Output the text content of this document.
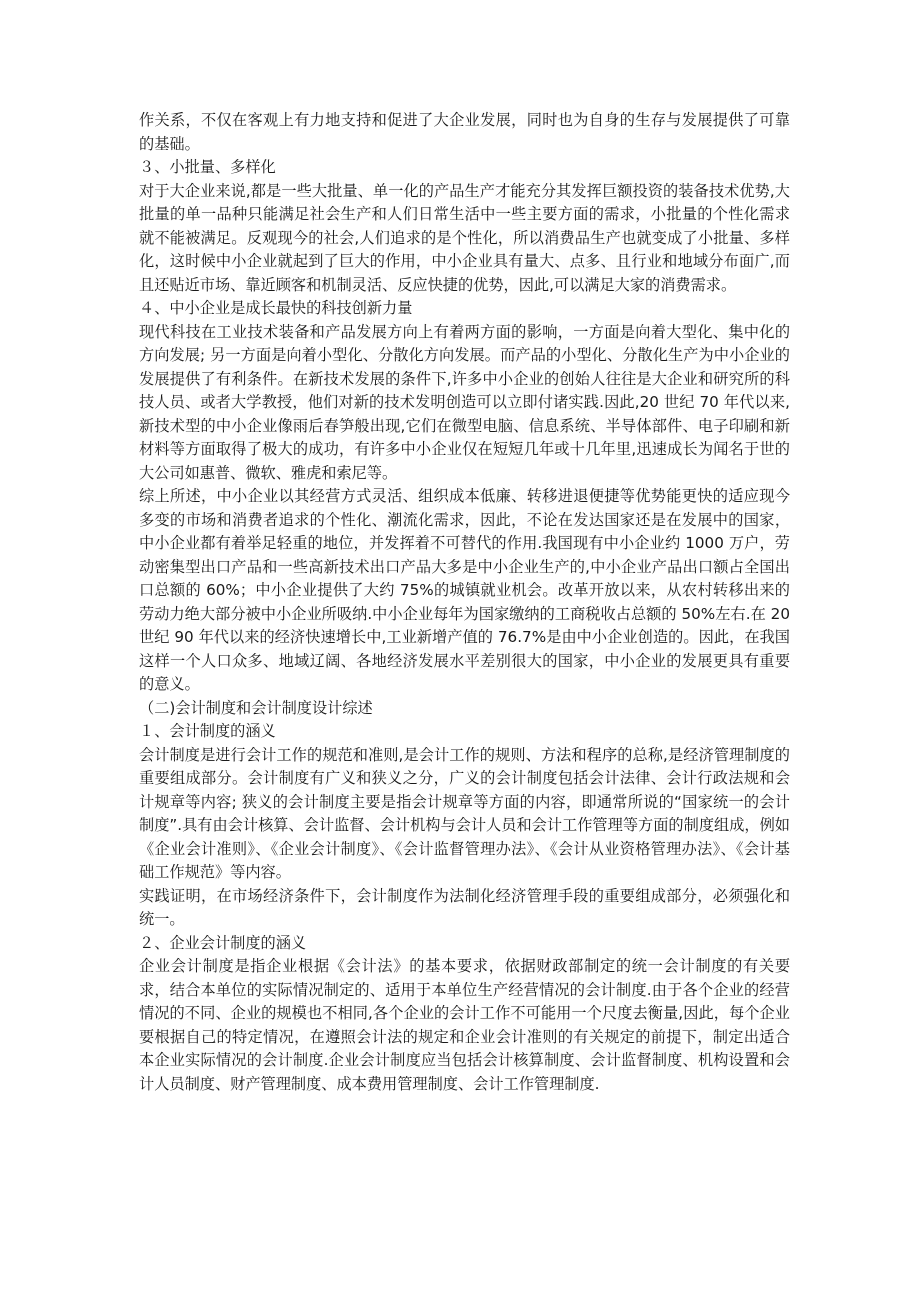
作关系，不仅在客观上有力地支持和促进了大企业发展，同时也为自身的生存与发展提供了可靠的基础。

３、小批量、多样化

对于大企业来说,都是一些大批量、单一化的产品生产才能充分其发挥巨额投资的装备技术优势,大批量的单一品种只能满足社会生产和人们日常生活中一些主要方面的需求，小批量的个性化需求就不能被满足。反观现今的社会,人们追求的是个性化，所以消费品生产也就变成了小批量、多样化，这时候中小企业就起到了巨大的作用，中小企业具有量大、点多、且行业和地域分布面广,而且还贴近市场、靠近顾客和机制灵活、反应快捷的优势，因此,可以满足大家的消费需求。

４、中小企业是成长最快的科技创新力量

现代科技在工业技术装备和产品发展方向上有着两方面的影响，一方面是向着大型化、集中化的方向发展; 另一方面是向着小型化、分散化方向发展。而产品的小型化、分散化生产为中小企业的发展提供了有利条件。在新技术发展的条件下,许多中小企业的创始人往往是大企业和研究所的科技人员、或者大学教授，他们对新的技术发明创造可以立即付诸实践.因此,20 世纪 70 年代以来,新技术型的中小企业像雨后春笋般出现,它们在微型电脑、信息系统、半导体部件、电子印刷和新材料等方面取得了极大的成功，有许多中小企业仅在短短几年或十几年里,迅速成长为闻名于世的大公司如惠普、微软、雅虎和索尼等。

综上所述，中小企业以其经营方式灵活、组织成本低廉、转移进退便捷等优势能更快的适应现今多变的市场和消费者追求的个性化、潮流化需求，因此，不论在发达国家还是在发展中的国家，中小企业都有着举足轻重的地位，并发挥着不可替代的作用.我国现有中小企业约 1000 万户，劳动密集型出口产品和一些高新技术出口产品大多是中小企业生产的,中小企业产品出口额占全国出口总额的 60%；中小企业提供了大约 75%的城镇就业机会。改革开放以来，从农村转移出来的劳动力绝大部分被中小企业所吸纳.中小企业每年为国家缴纳的工商税收占总额的 50%左右.在 20 世纪 90 年代以来的经济快速增长中,工业新增产值的 76.7%是由中小企业创造的。因此，在我国这样一个人口众多、地域辽阔、各地经济发展水平差别很大的国家，中小企业的发展更具有重要的意义。

（二)会计制度和会计制度设计综述

１、会计制度的涵义

会计制度是进行会计工作的规范和准则,是会计工作的规则、方法和程序的总称,是经济管理制度的重要组成部分。会计制度有广义和狭义之分，广义的会计制度包括会计法律、会计行政法规和会计规章等内容; 狭义的会计制度主要是指会计规章等方面的内容，即通常所说的“国家统一的会计制度”.具有由会计核算、会计监督、会计机构与会计人员和会计工作管理等方面的制度组成，例如《企业会计准则》、《企业会计制度》、《会计监督管理办法》、《会计从业资格管理办法》、《会计基础工作规范》等内容。

实践证明，在市场经济条件下，会计制度作为法制化经济管理手段的重要组成部分，必须强化和统一。

２、企业会计制度的涵义

企业会计制度是指企业根据《会计法》的基本要求，依据财政部制定的统一会计制度的有关要求，结合本单位的实际情况制定的、适用于本单位生产经营情况的会计制度.由于各个企业的经营情况的不同、企业的规模也不相同,各个企业的会计工作不可能用一个尺度去衡量,因此，每个企业要根据自己的特定情况，在遵照会计法的规定和企业会计准则的有关规定的前提下，制定出适合本企业实际情况的会计制度.企业会计制度应当包括会计核算制度、会计监督制度、机构设置和会计人员制度、财产管理制度、成本费用管理制度、会计工作管理制度.
